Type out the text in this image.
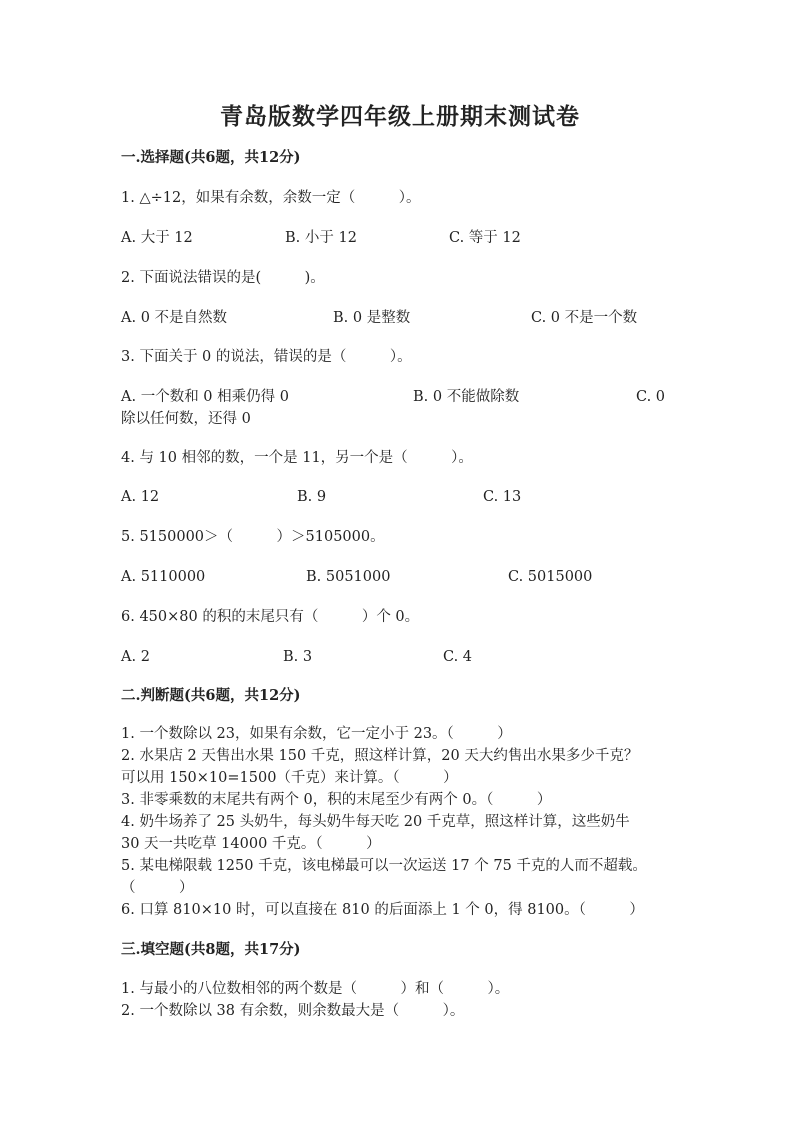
青岛版数学四年级上册期末测试卷
一.选择题(共6题，共12分)
1. △÷12，如果有余数，余数一定（　　　）。
A. 大于 12	B. 小于 12	C. 等于 12
2. 下面说法错误的是(　　　)。
A. 0 不是自然数	B. 0 是整数	C. 0 不是一个数
3. 下面关于 0 的说法，错误的是（　　　）。
A. 一个数和 0 相乘仍得 0	B. 0 不能做除数	C. 0
除以任何数，还得 0
4. 与 10 相邻的数，一个是 11，另一个是（　　　）。
A. 12	B. 9	C. 13
5. 5150000＞（　　　）＞5105000。
A. 5110000	B. 5051000	C. 5015000
6. 450×80 的积的末尾只有（　　　）个 0。
A. 2	B. 3	C. 4
二.判断题(共6题，共12分)
1. 一个数除以 23，如果有余数，它一定小于 23。（　　　）
2. 水果店 2 天售出水果 150 千克，照这样计算，20 天大约售出水果多少千克？
可以用 150×10=1500（千克）来计算。（　　　）
3. 非零乘数的末尾共有两个 0，积的末尾至少有两个 0。（　　　）
4. 奶牛场养了 25 头奶牛，每头奶牛每天吃 20 千克草，照这样计算，这些奶牛
30 天一共吃草 14000 千克。（　　　）
5. 某电梯限载 1250 千克，该电梯最可以一次运送 17 个 75 千克的人而不超载。
（　　　）
6. 口算 810×10 时，可以直接在 810 的后面添上 1 个 0，得 8100。（　　　）
三.填空题(共8题，共17分)
1. 与最小的八位数相邻的两个数是（　　　）和（　　　）。
2. 一个数除以 38 有余数，则余数最大是（　　　）。
